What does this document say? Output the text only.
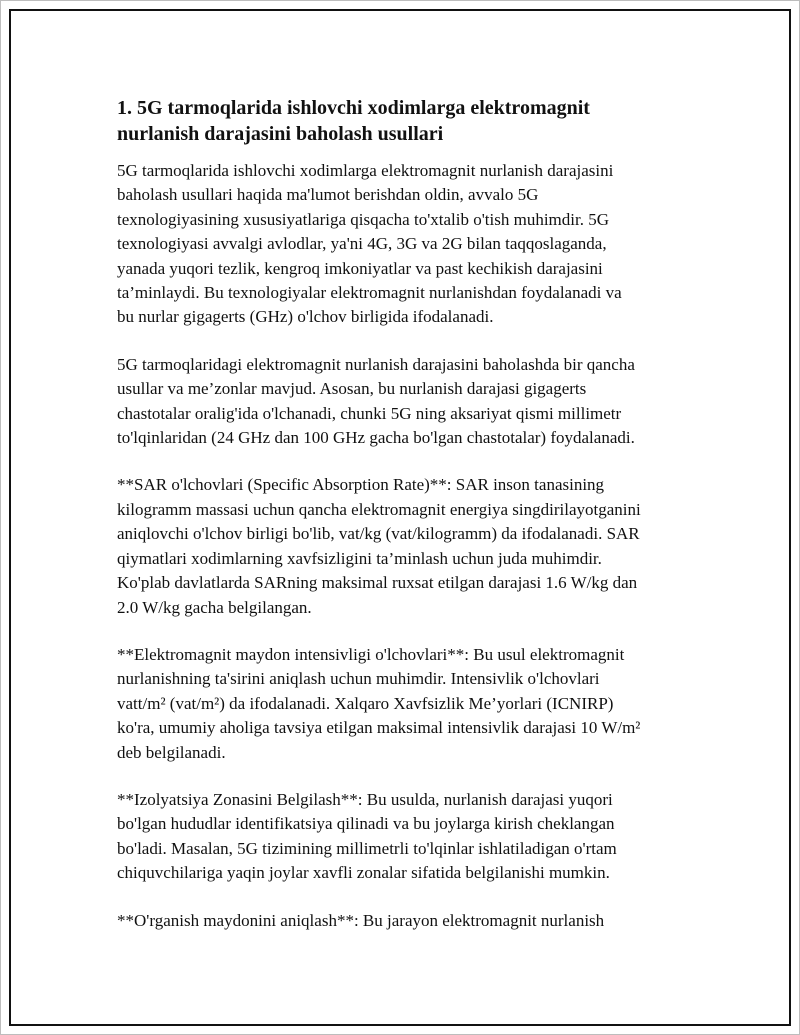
1. 5G tarmoqlarida ishlovchi xodimlarga elektromagnit
nurlanish darajasini baholash usullari

5G tarmoqlarida ishlovchi xodimlarga elektromagnit nurlanish darajasini
baholash usullari haqida ma'lumot berishdan oldin, avvalo 5G
texnologiyasining xususiyatlariga qisqacha to'xtalib o'tish muhimdir. 5G
texnologiyasi avvalgi avlodlar, ya'ni 4G, 3G va 2G bilan taqqoslaganda,
yanada yuqori tezlik, kengroq imkoniyatlar va past kechikish darajasini
ta’minlaydi. Bu texnologiyalar elektromagnit nurlanishdan foydalanadi va
bu nurlar gigagerts (GHz) o'lchov birligida ifodalanadi.

5G tarmoqlaridagi elektromagnit nurlanish darajasini baholashda bir qancha
usullar va me’zonlar mavjud. Asosan, bu nurlanish darajasi gigagerts
chastotalar oralig'ida o'lchanadi, chunki 5G ning aksariyat qismi millimetr
to'lqinlaridan (24 GHz dan 100 GHz gacha bo'lgan chastotalar) foydalanadi.

**SAR o'lchovlari (Specific Absorption Rate)**: SAR inson tanasining
kilogramm massasi uchun qancha elektromagnit energiya singdirilayotganini
aniqlovchi o'lchov birligi bo'lib, vat/kg (vat/kilogramm) da ifodalanadi. SAR
qiymatlari xodimlarning xavfsizligini ta’minlash uchun juda muhimdir.
Ko'plab davlatlarda SARning maksimal ruxsat etilgan darajasi 1.6 W/kg dan
2.0 W/kg gacha belgilangan.

**Elektromagnit maydon intensivligi o'lchovlari**: Bu usul elektromagnit
nurlanishning ta'sirini aniqlash uchun muhimdir. Intensivlik o'lchovlari
vatt/m² (vat/m²) da ifodalanadi. Xalqaro Xavfsizlik Me’yorlari (ICNIRP)
ko'ra, umumiy aholiga tavsiya etilgan maksimal intensivlik darajasi 10 W/m²
deb belgilanadi.

**Izolyatsiya Zonasini Belgilash**: Bu usulda, nurlanish darajasi yuqori
bo'lgan hududlar identifikatsiya qilinadi va bu joylarga kirish cheklangan
bo'ladi. Masalan, 5G tizimining millimetrli to'lqinlar ishlatiladigan o'rtam
chiquvchilariga yaqin joylar xavfli zonalar sifatida belgilanishi mumkin.

**O'rganish maydonini aniqlash**: Bu jarayon elektromagnit nurlanish
